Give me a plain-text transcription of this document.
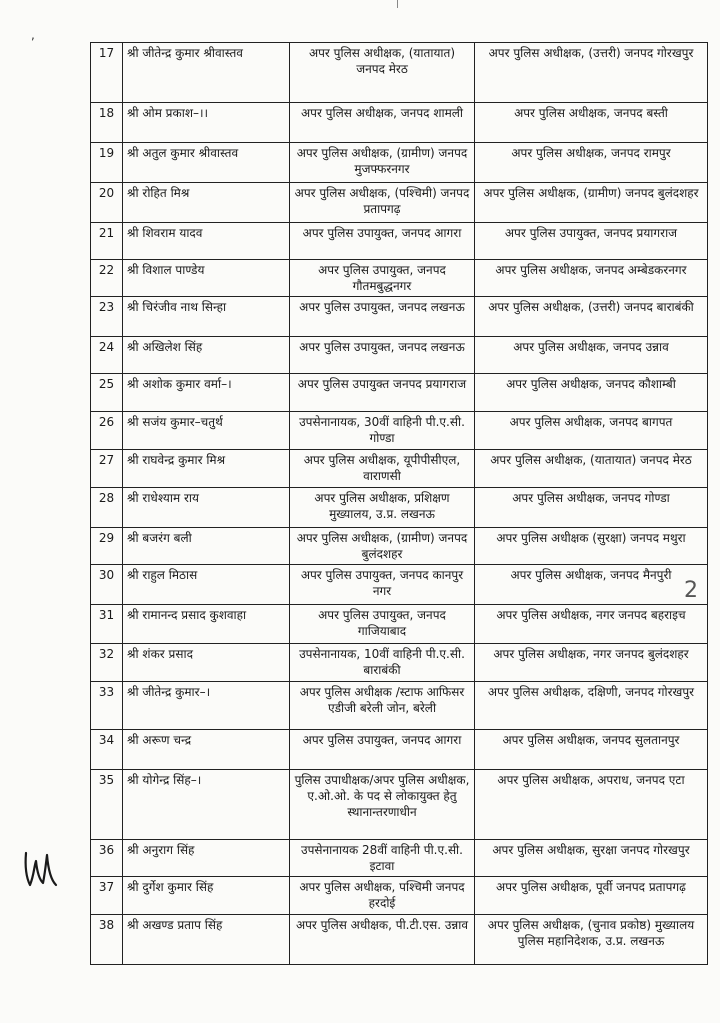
,
2
17	श्री जीतेन्द्र कुमार श्रीवास्तव	अपर पुलिस अधीक्षक, (यातायात) जनपद मेरठ	अपर पुलिस अधीक्षक, (उत्तरी) जनपद गोरखपुर
18	श्री ओम प्रकाश–।।	अपर पुलिस अधीक्षक, जनपद शामली	अपर पुलिस अधीक्षक, जनपद बस्ती
19	श्री अतुल कुमार श्रीवास्तव	अपर पुलिस अधीक्षक, (ग्रामीण) जनपद मुजफ्फरनगर	अपर पुलिस अधीक्षक, जनपद रामपुर
20	श्री रोहित मिश्र	अपर पुलिस अधीक्षक, (पश्चिमी) जनपद प्रतापगढ़	अपर पुलिस अधीक्षक, (ग्रामीण) जनपद बुलंदशहर
21	श्री शिवराम यादव	अपर पुलिस उपायुक्त, जनपद आगरा	अपर पुलिस उपायुक्त, जनपद प्रयागराज
22	श्री विशाल पाण्डेय	अपर पुलिस उपायुक्त, जनपद गौतमबुद्धनगर	अपर पुलिस अधीक्षक, जनपद अम्बेडकरनगर
23	श्री चिरंजीव नाथ सिन्हा	अपर पुलिस उपायुक्त, जनपद लखनऊ	अपर पुलिस अधीक्षक, (उत्तरी) जनपद बाराबंकी
24	श्री अखिलेश सिंह	अपर पुलिस उपायुक्त, जनपद लखनऊ	अपर पुलिस अधीक्षक, जनपद उन्नाव
25	श्री अशोक कुमार वर्मा–।	अपर पुलिस उपायुक्त जनपद प्रयागराज	अपर पुलिस अधीक्षक, जनपद कौशाम्बी
26	श्री सजंय कुमार–चतुर्थ	उपसेनानायक, 30वीं वाहिनी पी.ए.सी. गोण्डा	अपर पुलिस अधीक्षक, जनपद बागपत
27	श्री राघवेन्द्र कुमार मिश्र	अपर पुलिस अधीक्षक, यूपीपीसीएल, वाराणसी	अपर पुलिस अधीक्षक, (यातायात) जनपद मेरठ
28	श्री राधेश्याम राय	अपर पुलिस अधीक्षक, प्रशिक्षण मुख्यालय, उ.प्र. लखनऊ	अपर पुलिस अधीक्षक, जनपद गोण्डा
29	श्री बजरंग बली	अपर पुलिस अधीक्षक, (ग्रामीण) जनपद बुलंदशहर	अपर पुलिस अधीक्षक (सुरक्षा) जनपद मथुरा
30	श्री राहुल मिठास	अपर पुलिस उपायुक्त, जनपद कानपुर नगर	अपर पुलिस अधीक्षक, जनपद मैनपुरी
31	श्री रामानन्द प्रसाद कुशवाहा	अपर पुलिस उपायुक्त, जनपद गाजियाबाद	अपर पुलिस अधीक्षक, नगर जनपद बहराइच
32	श्री शंकर प्रसाद	उपसेनानायक, 10वीं वाहिनी पी.ए.सी. बाराबंकी	अपर पुलिस अधीक्षक, नगर जनपद बुलंदशहर
33	श्री जीतेन्द्र कुमार–।	अपर पुलिस अधीक्षक /स्टाफ आफिसर एडीजी बरेली जोन, बरेली	अपर पुलिस अधीक्षक, दक्षिणी, जनपद गोरखपुर
34	श्री अरूण चन्द्र	अपर पुलिस उपायुक्त, जनपद आगरा	अपर पुलिस अधीक्षक, जनपद सुलतानपुर
35	श्री योगेन्द्र सिंह–।	पुलिस उपाधीक्षक/अपर पुलिस अधीक्षक, ए.ओ.ओ. के पद से लोकायुक्त हेतु स्थानान्तरणाधीन	अपर पुलिस अधीक्षक, अपराध, जनपद एटा
36	श्री अनुराग सिंह	उपसेनानायक 28वीं वाहिनी पी.ए.सी. इटावा	अपर पुलिस अधीक्षक, सुरक्षा जनपद गोरखपुर
37	श्री दुर्गेश कुमार सिंह	अपर पुलिस अधीक्षक, पश्चिमी जनपद हरदोई	अपर पुलिस अधीक्षक, पूर्वी जनपद प्रतापगढ़
38	श्री अखण्ड प्रताप सिंह	अपर पुलिस अधीक्षक, पी.टी.एस. उन्नाव	अपर पुलिस अधीक्षक, (चुनाव प्रकोष्ठ) मुख्यालय पुलिस महानिदेशक, उ.प्र. लखनऊ
